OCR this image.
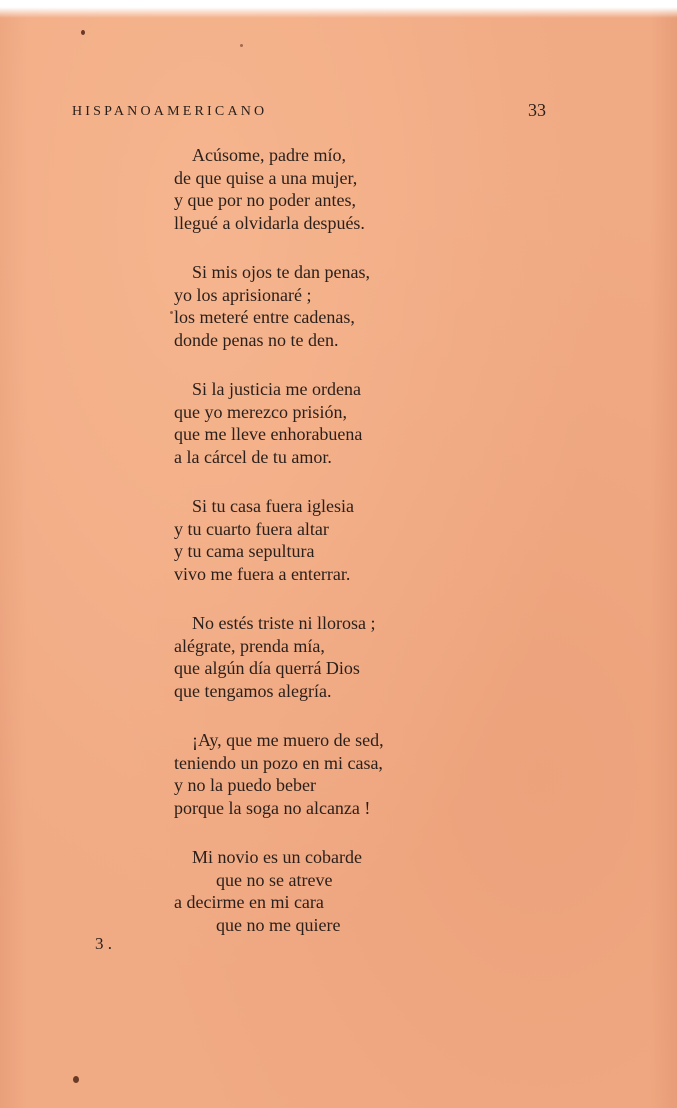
HISPANOAMERICANO	33
Acúsome, padre mío,
de que quise a una mujer,
y que por no poder antes,
llegué a olvidarla después.
Si mis ojos te dan penas,
yo los aprisionaré ;
los meteré entre cadenas,
donde penas no te den.
Si la justicia me ordena
que yo merezco prisión,
que me lleve enhorabuena
a la cárcel de tu amor.
Si tu casa fuera iglesia
y tu cuarto fuera altar
y tu cama sepultura
vivo me fuera a enterrar.
No estés triste ni llorosa ;
alégrate, prenda mía,
que algún día querrá Dios
que tengamos alegría.
¡Ay, que me muero de sed,
teniendo un pozo en mi casa,
y no la puedo beber
porque la soga no alcanza !
Mi novio es un cobarde
que no se atreve
a decirme en mi cara
que no me quiere
3 .
